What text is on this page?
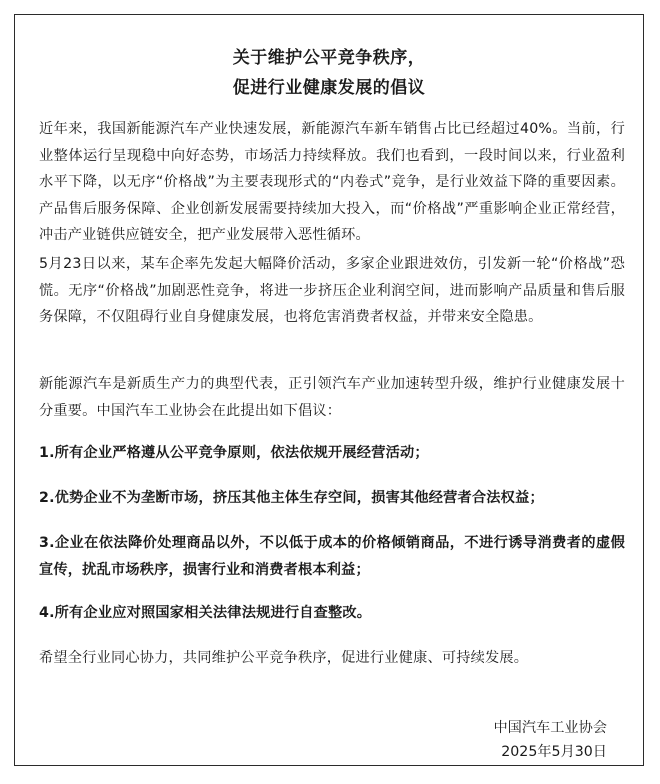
关于维护公平竞争秩序，
促进行业健康发展的倡议
近年来，我国新能源汽车产业快速发展，新能源汽车新车销售占比已经超过40%。当前，行业整体运行呈现稳中向好态势，市场活力持续释放。我们也看到，一段时间以来，行业盈利水平下降，以无序“价格战”为主要表现形式的“内卷式”竞争，是行业效益下降的重要因素。产品售后服务保障、企业创新发展需要持续加大投入，而“价格战”严重影响企业正常经营，冲击产业链供应链安全，把产业发展带入恶性循环。
5月23日以来，某车企率先发起大幅降价活动，多家企业跟进效仿，引发新一轮“价格战”恐慌。无序“价格战”加剧恶性竞争，将进一步挤压企业利润空间，进而影响产品质量和售后服务保障，不仅阻碍行业自身健康发展，也将危害消费者权益，并带来安全隐患。
新能源汽车是新质生产力的典型代表，正引领汽车产业加速转型升级，维护行业健康发展十分重要。中国汽车工业协会在此提出如下倡议：
1.所有企业严格遵从公平竞争原则，依法依规开展经营活动；
2.优势企业不为垄断市场，挤压其他主体生存空间，损害其他经营者合法权益；
3.企业在依法降价处理商品以外，不以低于成本的价格倾销商品，不进行诱导消费者的虚假宣传，扰乱市场秩序，损害行业和消费者根本利益；
4.所有企业应对照国家相关法律法规进行自查整改。
希望全行业同心协力，共同维护公平竞争秩序，促进行业健康、可持续发展。
中国汽车工业协会
2025年5月30日
